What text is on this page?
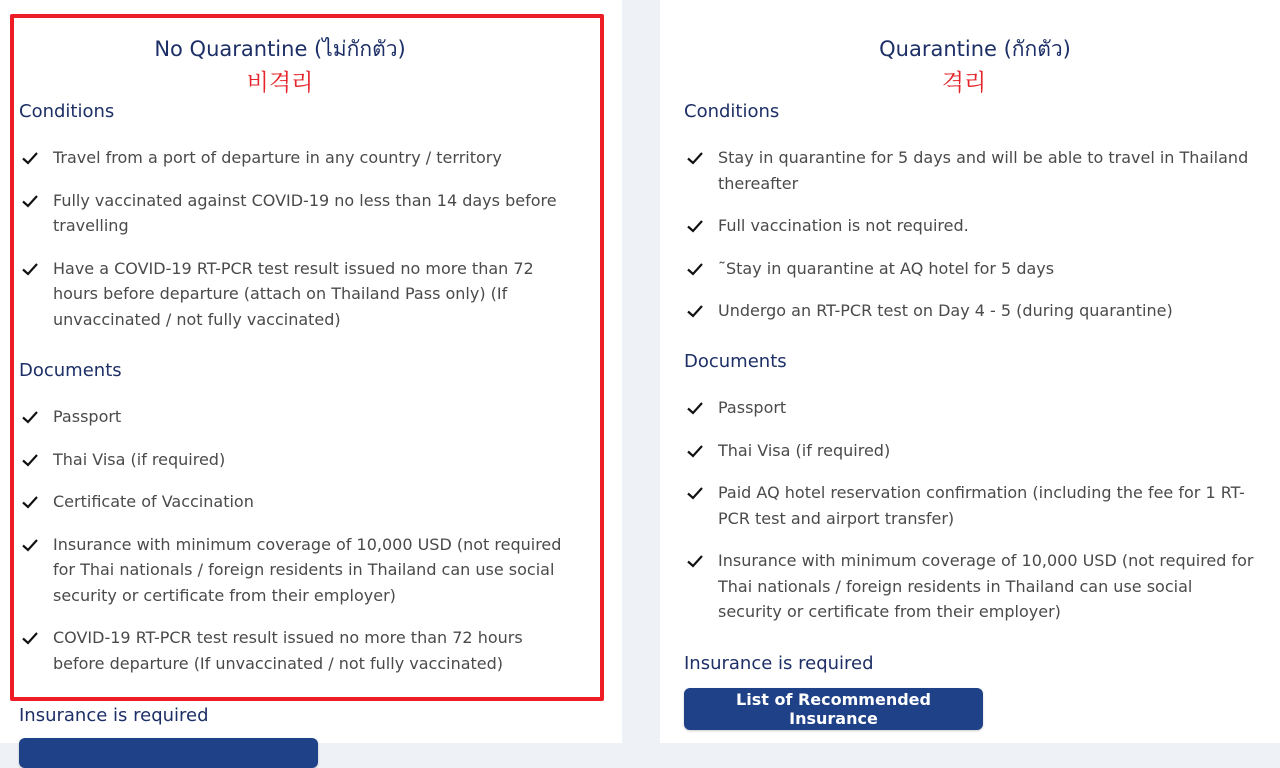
No Quarantine (ไม่กักตัว)
비격리
Conditions
Travel from a port of departure in any country / territory
Fully vaccinated against COVID-19 no less than 14 days before travelling
Have a COVID-19 RT-PCR test result issued no more than 72 hours before departure (attach on Thailand Pass only) (If unvaccinated / not fully vaccinated)
Documents
Passport
Thai Visa (if required)
Certificate of Vaccination
Insurance with minimum coverage of 10,000 USD (not required for Thai nationals / foreign residents in Thailand can use social security or certificate from their employer)
COVID-19 RT-PCR test result issued no more than 72 hours before departure (If unvaccinated / not fully vaccinated)
Insurance is required
Quarantine (กักตัว)
격리
Conditions
Stay in quarantine for 5 days and will be able to travel in Thailand thereafter
Full vaccination is not required.
˜Stay in quarantine at AQ hotel for 5 days
Undergo an RT-PCR test on Day 4 - 5 (during quarantine)
Documents
Passport
Thai Visa (if required)
Paid AQ hotel reservation confirmation (including the fee for 1 RT-PCR test and airport transfer)
Insurance with minimum coverage of 10,000 USD (not required for Thai nationals / foreign residents in Thailand can use social security or certificate from their employer)
Insurance is required
List of Recommended Insurance
